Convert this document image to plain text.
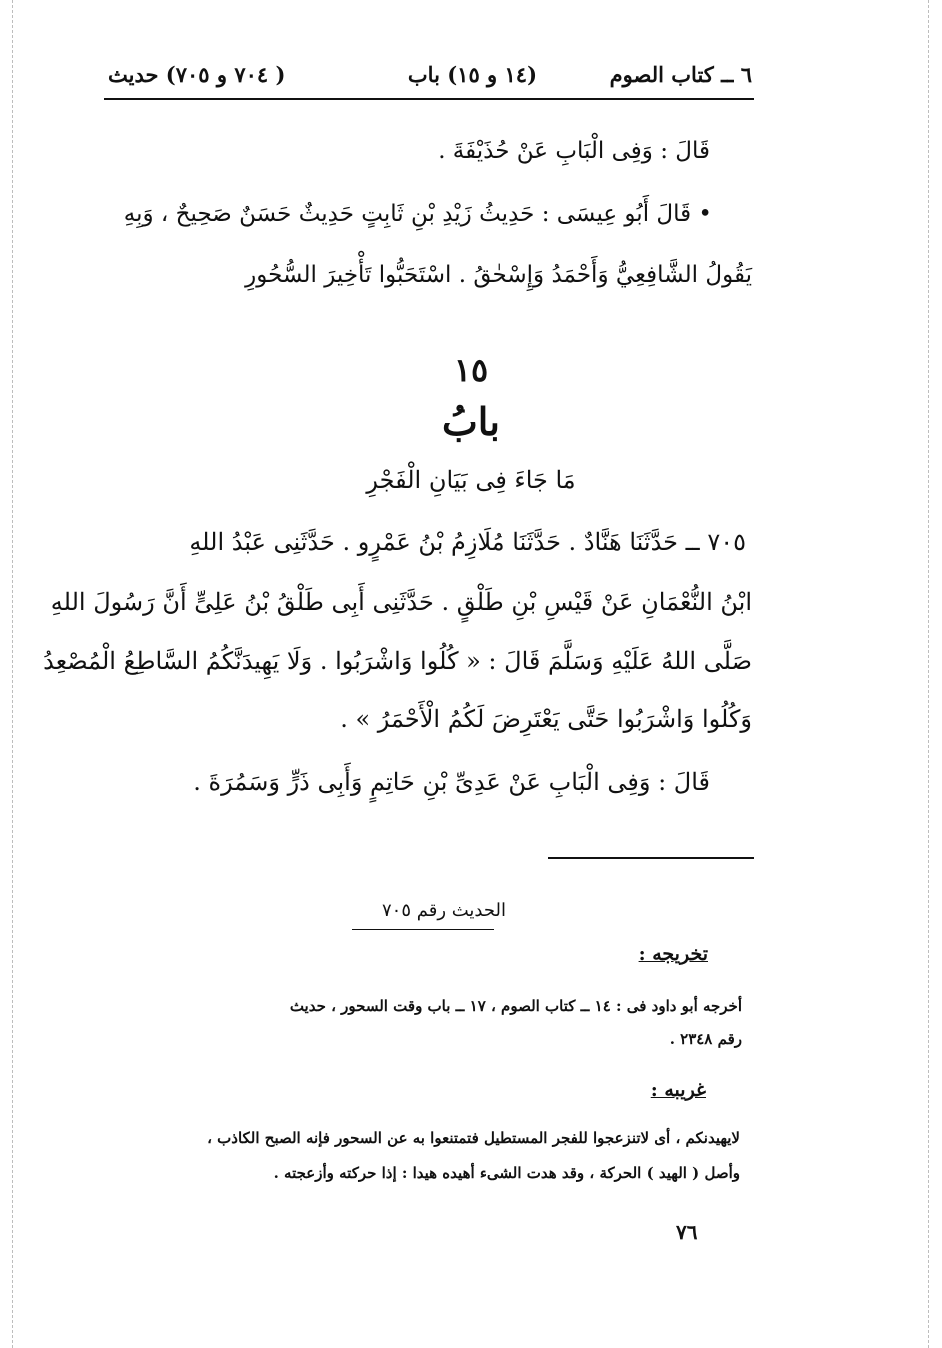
٦ ــ كتاب الصوم
(١٤ و ١٥) باب
( ٧٠٤ و ٧٠٥) حديث
قَالَ : وَفِى الْبَابِ عَنْ حُذَيْفَةَ .
• قَالَ أَبُو عِيسَى : حَدِيثُ زَيْدِ بْنِ ثَابِتٍ حَدِيثٌ حَسَنٌ صَحِيحٌ ، وَبِهِ
يَقُولُ الشَّافِعِيُّ وَأَحْمَدُ وَإِسْحٰقُ . اسْتَحَبُّوا تَأْخِيرَ السُّحُورِ
١٥
بابُ
مَا جَاءَ فِى بَيَانِ الْفَجْرِ
٧٠٥ ــ حَدَّثَنَا هَنَّادٌ . حَدَّثَنَا مُلَازِمُ بْنُ عَمْرٍو . حَدَّثَنِى عَبْدُ اللهِ
ابْنُ النُّعْمَانِ عَنْ قَيْسِ بْنِ طَلْقٍ . حَدَّثَنِى أَبِى طَلْقُ بْنُ عَلِىٍّ أَنَّ رَسُولَ اللهِ
صَلَّى اللهُ عَلَيْهِ وَسَلَّمَ قَالَ : « كُلُوا وَاشْرَبُوا . وَلَا يَهِيدَنَّكُمُ السَّاطِعُ الْمُصْعِدُ
وَكُلُوا وَاشْرَبُوا حَتَّى يَعْتَرِضَ لَكُمُ الْأَحْمَرُ » .
قَالَ : وَفِى الْبَابِ عَنْ عَدِىِّ بْنِ حَاتِمٍ وَأَبِى ذَرٍّ وَسَمُرَةَ .
الحديث رقم ٧٠٥
تخريجه :
أخرجه أبو داود فى : ١٤ ــ كتاب الصوم ، ١٧ ــ باب وقت السحور ، حديث
رقم ٢٣٤٨ .
غريبه :
لايهيدنكم ، أى لاتنزعجوا للفجر المستطيل فتمتنعوا به عن السحور فإنه الصبح الكاذب ،
وأصل ( الهيد ) الحركة ، وقد هدت الشىء أهيده هيدا : إذا حركته وأزعجته .
٧٦
